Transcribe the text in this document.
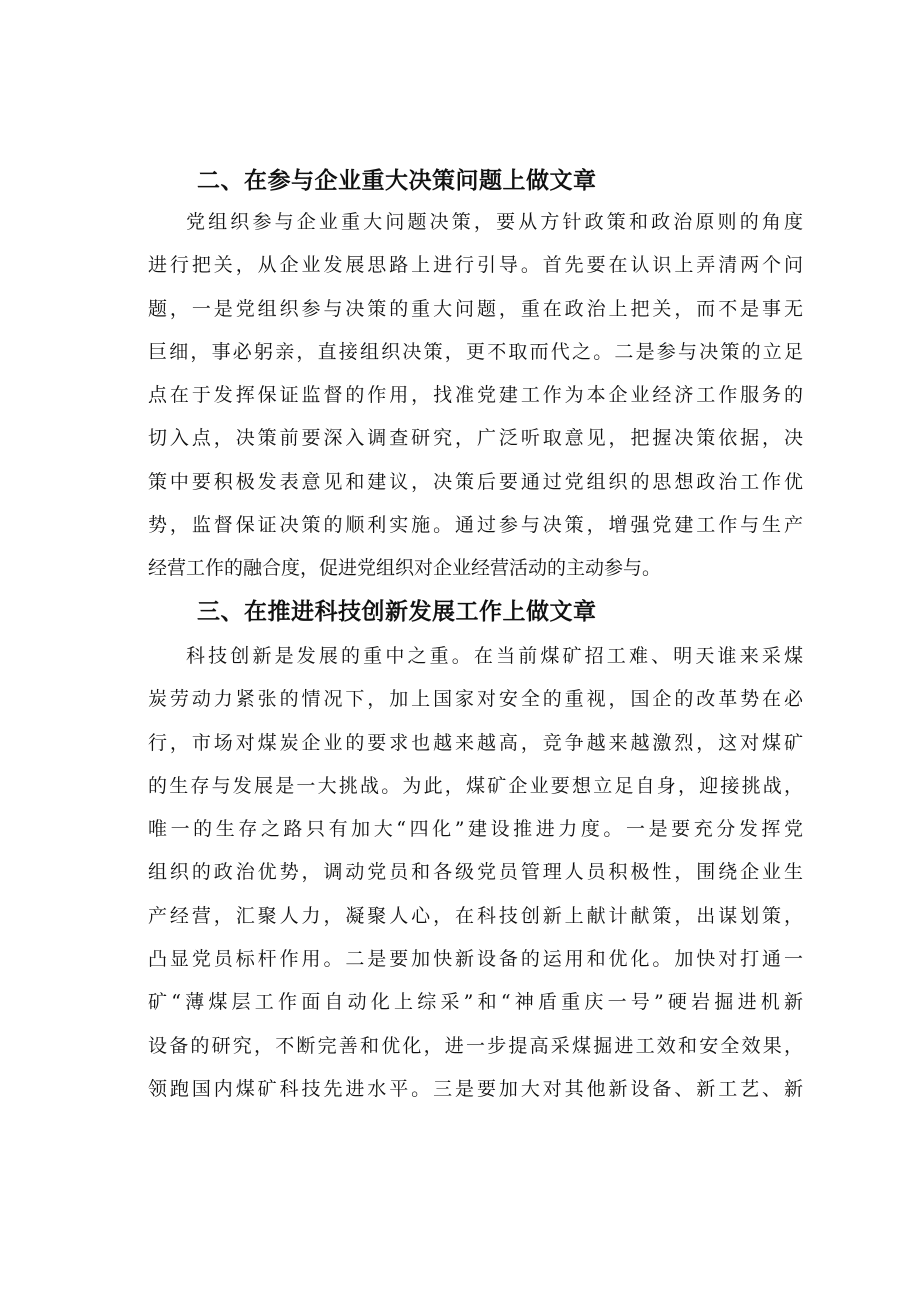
二、在参与企业重大决策问题上做文章
党组织参与企业重大问题决策，要从方针政策和政治原则的角度
进行把关，从企业发展思路上进行引导。首先要在认识上弄清两个问
题，一是党组织参与决策的重大问题，重在政治上把关，而不是事无
巨细，事必躬亲，直接组织决策，更不取而代之。二是参与决策的立足
点在于发挥保证监督的作用，找准党建工作为本企业经济工作服务的
切入点，决策前要深入调查研究，广泛听取意见，把握决策依据，决
策中要积极发表意见和建议，决策后要通过党组织的思想政治工作优
势，监督保证决策的顺利实施。通过参与决策，增强党建工作与生产
经营工作的融合度，促进党组织对企业经营活动的主动参与。
三、在推进科技创新发展工作上做文章
科技创新是发展的重中之重。在当前煤矿招工难、明天谁来采煤
炭劳动力紧张的情况下，加上国家对安全的重视，国企的改革势在必
行，市场对煤炭企业的要求也越来越高，竞争越来越激烈，这对煤矿
的生存与发展是一大挑战。为此，煤矿企业要想立足自身，迎接挑战，
唯一的生存之路只有加大“四化”建设推进力度。一是要充分发挥党
组织的政治优势，调动党员和各级党员管理人员积极性，围绕企业生
产经营，汇聚人力，凝聚人心，在科技创新上献计献策，出谋划策，
凸显党员标杆作用。二是要加快新设备的运用和优化。加快对打通一
矿“薄煤层工作面自动化上综采”和“神盾重庆一号”硬岩掘进机新
设备的研究，不断完善和优化，进一步提高采煤掘进工效和安全效果，
领跑国内煤矿科技先进水平。三是要加大对其他新设备、新工艺、新
